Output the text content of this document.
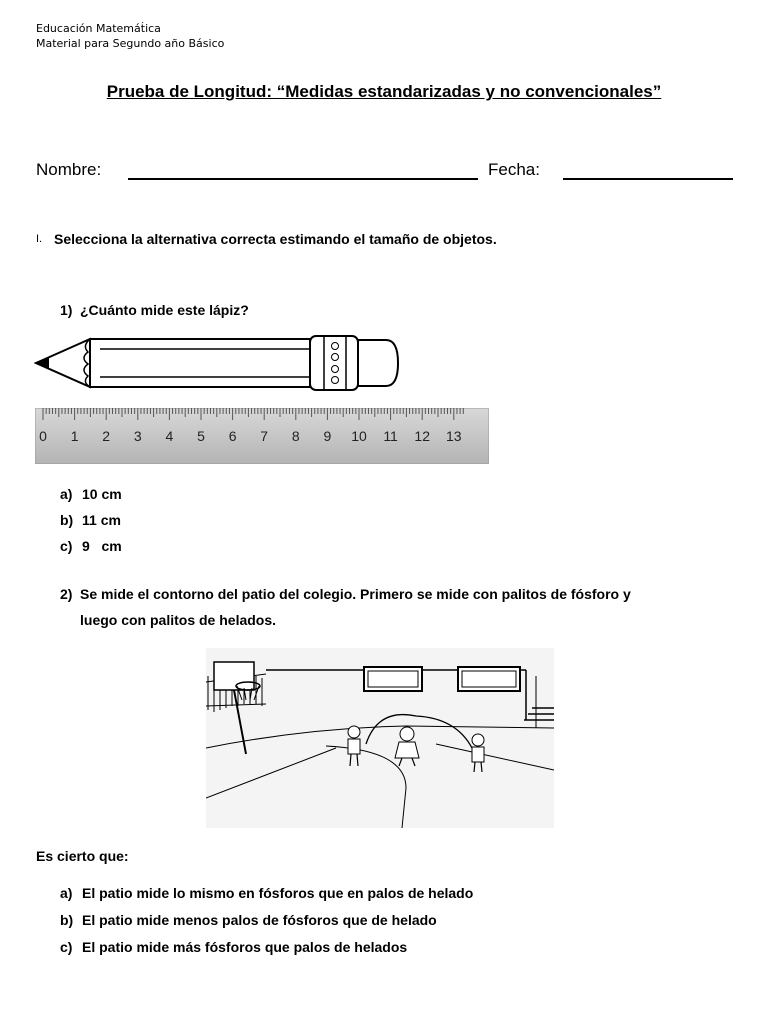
Educación Matemát́ica
Material para Segundo año Básico
Prueba de Longitud: “Medidas estandarizadas y no convencionales”
Nombre:	Fecha:
I. Selecciona la alternativa correcta estimando el tamaño de objetos.
1) ¿Cuánto mide este lápiz?
0 1 2 3 4 5 6 7 8 9 10 11 12 13
a) 10 cm
b) 11 cm
c) 9   cm
2) Se mide el contorno del patio del colegio. Primero se mide con palitos de fósforo y
luego con palitos de helados.
Es cierto que:
a) El patio mide lo mismo en fósforos que en palos de helado
b) El patio mide menos palos de fósforos que de helado
c) El patio mide más fósforos que palos de helados
